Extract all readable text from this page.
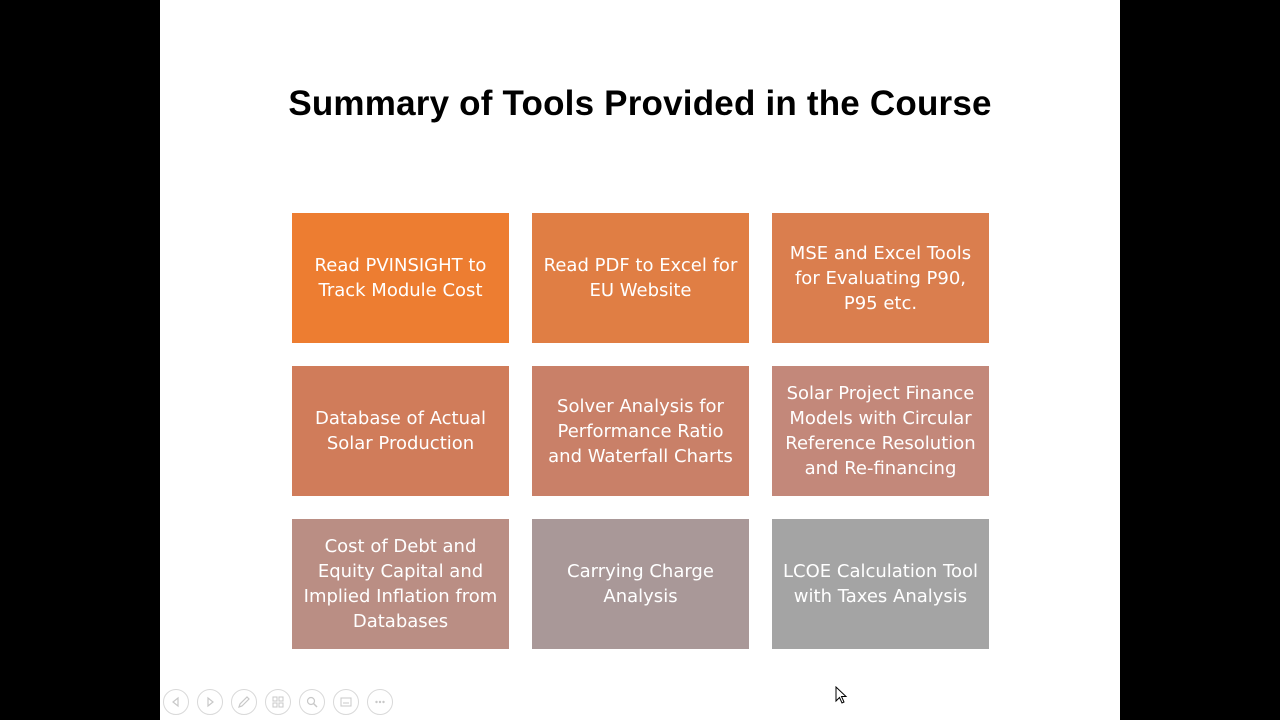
Summary of Tools Provided in the Course
Read PVINSIGHT to Track Module Cost
Read PDF to Excel for EU Website
MSE and Excel Tools for Evaluating P90, P95 etc.
Database of Actual Solar Production
Solver Analysis for Performance Ratio and Waterfall Charts
Solar Project Finance Models with Circular Reference Resolution and Re-financing
Cost of Debt and Equity Capital and Implied Inflation from Databases
Carrying Charge Analysis
LCOE Calculation Tool with Taxes Analysis
